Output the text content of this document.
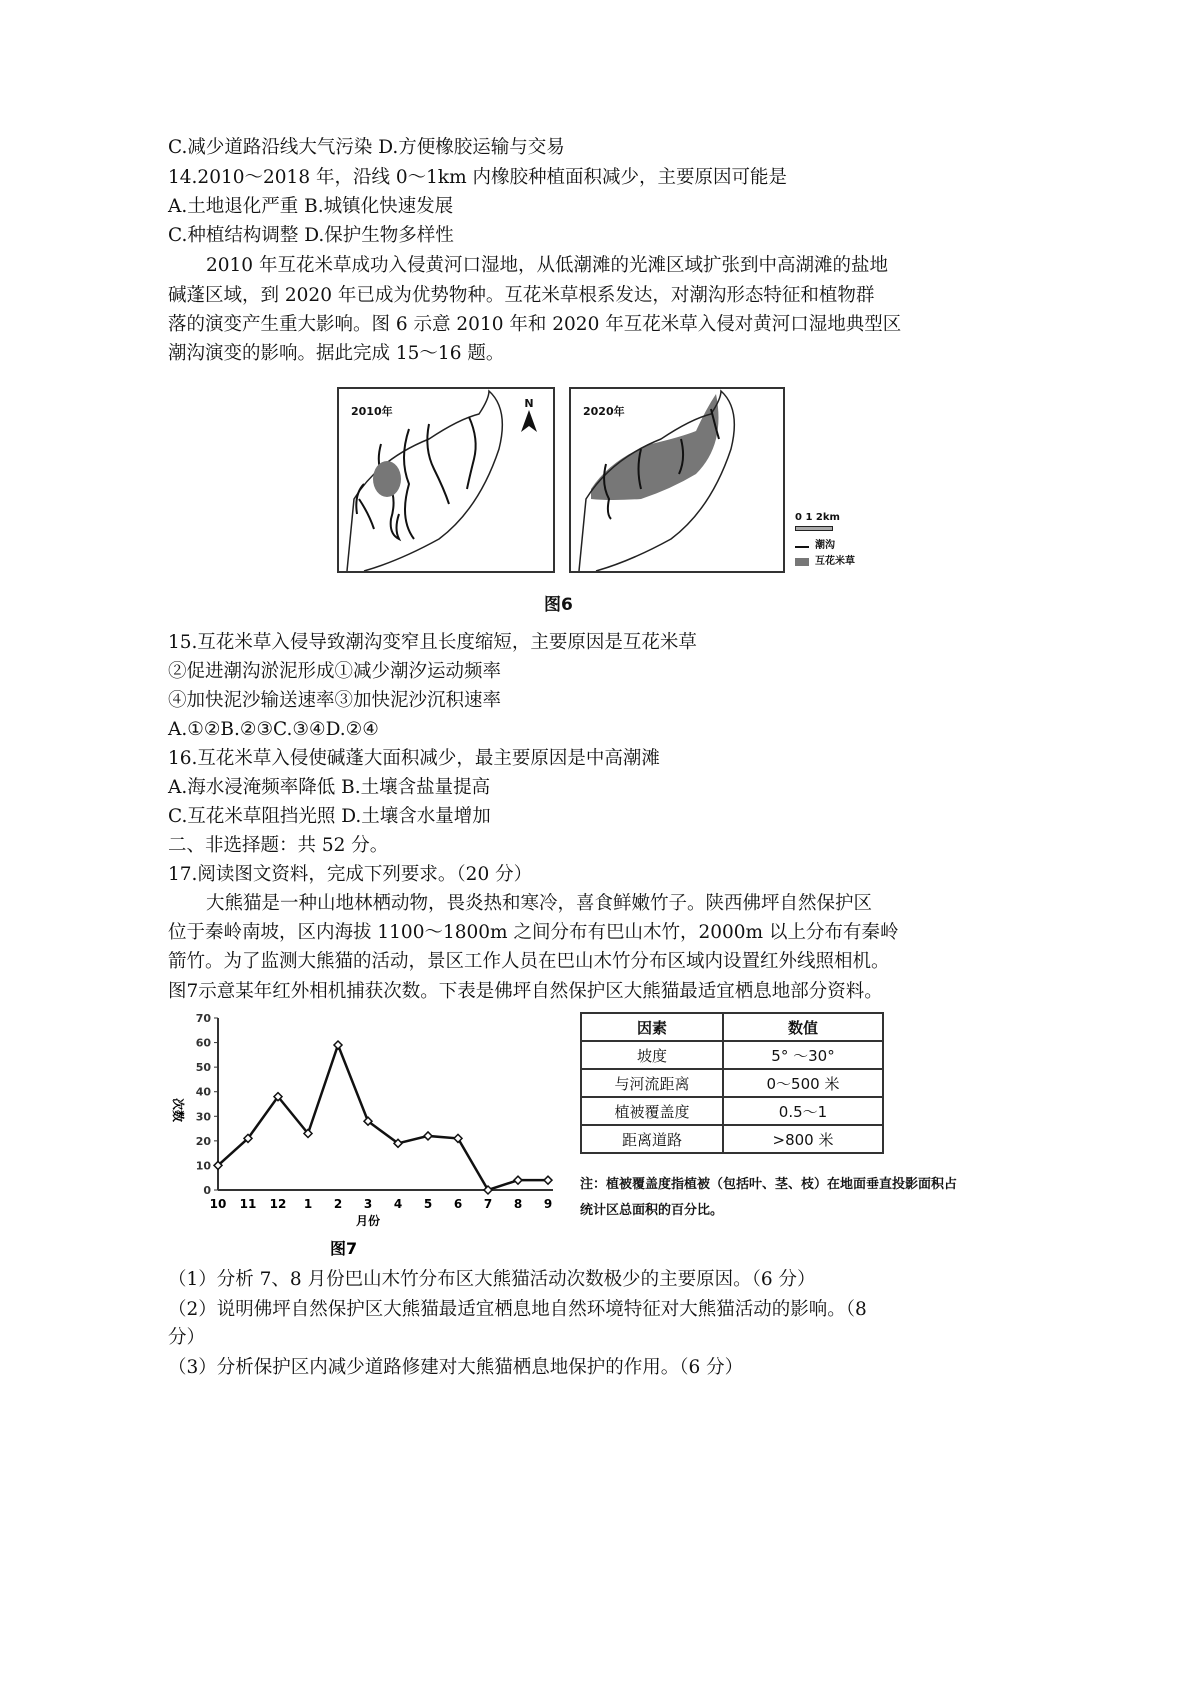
C.减少道路沿线大气污染 D.方便橡胶运输与交易
14.2010～2018 年，沿线 0～1km 内橡胶种植面积减少，主要原因可能是
A.土地退化严重 B.城镇化快速发展
C.种植结构调整 D.保护生物多样性
2010 年互花米草成功入侵黄河口湿地，从低潮滩的光滩区域扩张到中高湖滩的盐地
碱蓬区域，到 2020 年已成为优势物种。互花米草根系发达，对潮沟形态特征和植物群
落的演变产生重大影响。图 6 示意 2010 年和 2020 年互花米草入侵对黄河口湿地典型区
潮沟演变的影响。据此完成 15～16 题。
2010年
N
2020年
0 1 2km
潮沟
互花米草
图6
15.互花米草入侵导致潮沟变窄且长度缩短，主要原因是互花米草
②促进潮沟淤泥形成①减少潮汐运动频率
④加快泥沙输送速率③加快泥沙沉积速率
A.①②B.②③C.③④D.②④
16.互花米草入侵使碱蓬大面积减少，最主要原因是中高潮滩
A.海水浸淹频率降低 B.土壤含盐量提高
C.互花米草阻挡光照 D.土壤含水量增加
二、非选择题：共 52 分。
17.阅读图文资料，完成下列要求。（20 分）
大熊猫是一种山地林栖动物，畏炎热和寒冷，喜食鲜嫩竹子。陕西佛坪自然保护区
位于秦岭南坡，区内海拔 1100～1800m 之间分布有巴山木竹，2000m 以上分布有秦岭
箭竹。为了监测大熊猫的活动，景区工作人员在巴山木竹分布区域内设置红外线照相机。
图7示意某年红外相机捕获次数。下表是佛坪自然保护区大熊猫最适宜栖息地部分资料。
0
10
20
30
40
50
60
70
10 11 12 1 2 3 4 5 6 7 8 9
月份
次数
图7
因素	数值
坡度	5° ～30°
与河流距离	0～500 米
植被覆盖度	0.5～1
距离道路	>800 米
注：植被覆盖度指植被（包括叶、茎、枝）在地面垂直投影面积占统计区总面积的百分比。
（1）分析 7、8 月份巴山木竹分布区大熊猫活动次数极少的主要原因。（6 分）
（2）说明佛坪自然保护区大熊猫最适宜栖息地自然环境特征对大熊猫活动的影响。（8
分）
（3）分析保护区内减少道路修建对大熊猫栖息地保护的作用。（6 分）
